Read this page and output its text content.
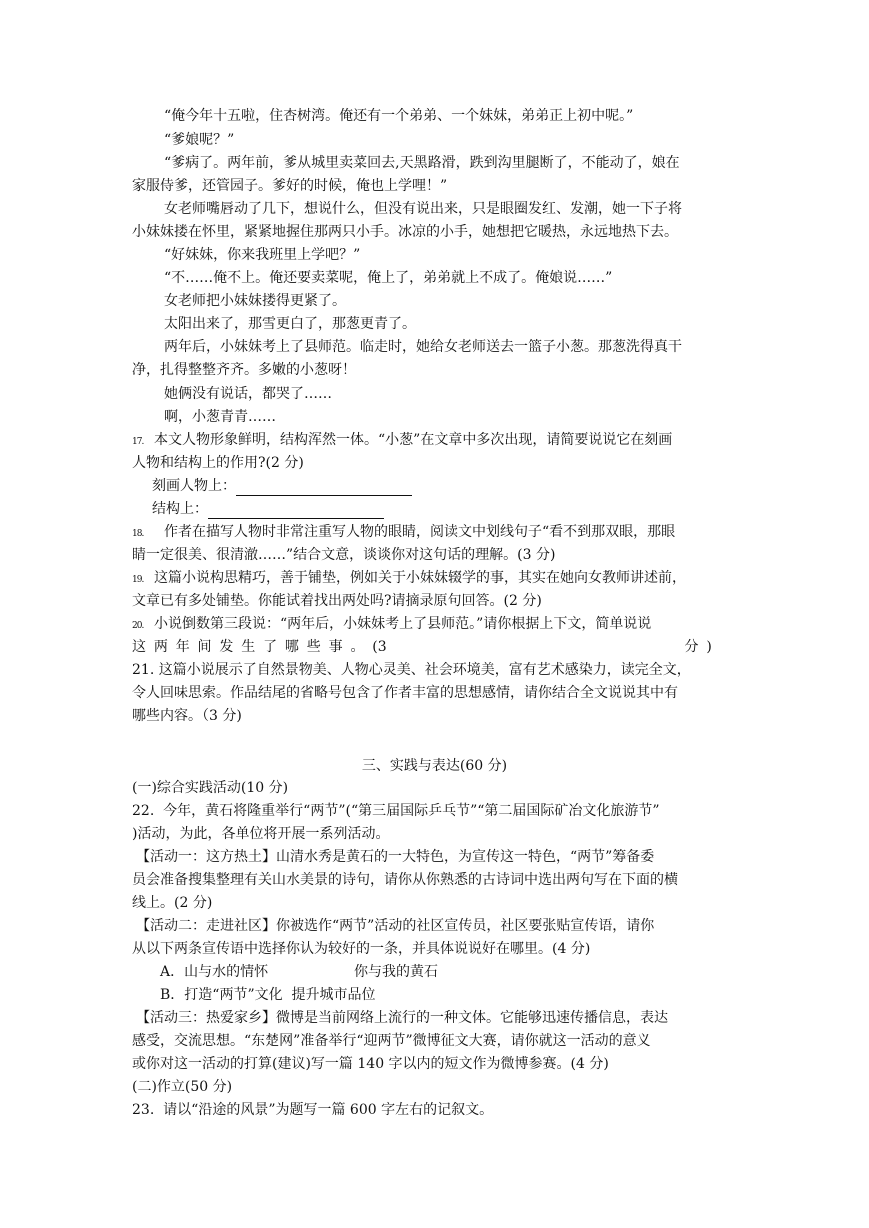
“俺今年十五啦，住杏树湾。俺还有一个弟弟、一个妹妹，弟弟正上初中呢。”
“爹娘呢？”
“爹病了。两年前，爹从城里卖菜回去,天黑路滑，跌到沟里腿断了，不能动了，娘在
家服侍爹，还管园子。爹好的时候，俺也上学哩！”
女老师嘴唇动了几下，想说什么，但没有说出来，只是眼圈发红、发潮，她一下子将
小妹妹搂在怀里，紧紧地握住那两只小手。冰凉的小手，她想把它暖热，永远地热下去。
“好妹妹，你来我班里上学吧？”
“不……俺不上。俺还要卖菜呢，俺上了，弟弟就上不成了。俺娘说……”
女老师把小妹妹搂得更紧了。
太阳出来了，那雪更白了，那葱更青了。
两年后，小妹妹考上了县师范。临走时，她给女老师送去一篮子小葱。那葱洗得真干
净，扎得整整齐齐。多嫩的小葱呀！
她俩没有说话，都哭了……
啊，小葱青青……
17. 本文人物形象鲜明，结构浑然一体。“小葱”在文章中多次出现，请简要说说它在刻画
人物和结构上的作用?(2 分)
刻画人物上：
结构上：
18. 作者在描写人物时非常注重写人物的眼睛，阅读文中划线句子“看不到那双眼，那眼
睛一定很美、很清澈……”结合文意，谈谈你对这句话的理解。(3 分)
19. 这篇小说构思精巧，善于铺垫，例如关于小妹妹辍学的事，其实在她向女教师讲述前，
文章已有多处铺垫。你能试着找出两处吗?请摘录原句回答。(2 分)
20. 小说倒数第三段说：“两年后，小妹妹考上了县师范。”请你根据上下文，简单说说
这 两 年 间 发 生 了 哪 些 事 。 (3	分 )
21. 这篇小说展示了自然景物美、人物心灵美、社会环境美，富有艺术感染力，读完全文，
令人回味思索。作品结尾的省略号包含了作者丰富的思想感情，请你结合全文说说其中有
哪些内容。（3 分)
三、实践与表达(60 分)
(一)综合实践活动(10 分)
22.  今年，黄石将隆重举行“两节”(“第三届国际乒乓节”“第二届国际矿冶文化旅游节”
)活动，为此，各单位将开展一系列活动。
【活动一：这方热土】山清水秀是黄石的一大特色，为宣传这一特色，“两节”筹备委
员会准备搜集整理有关山水美景的诗句，请你从你熟悉的古诗词中选出两句写在下面的横
线上。(2 分)
【活动二：走进社区】你被选作“两节”活动的社区宣传员，社区要张贴宣传语，请你
从以下两条宣传语中选择你认为较好的一条，并具体说说好在哪里。(4 分)
A．山与水的情怀	你与我的黄石
B．打造“两节”文化  提升城市品位
【活动三：热爱家乡】微博是当前网络上流行的一种文体。它能够迅速传播信息，表达
感受，交流思想。“东楚网”准备举行“迎两节”微博征文大赛，请你就这一活动的意义
或你对这一活动的打算(建议)写一篇 140 字以内的短文作为微博参赛。(4 分)
(二)作立(50 分)
23.  请以“沿途的风景”为题写一篇 600 字左右的记叙文。
